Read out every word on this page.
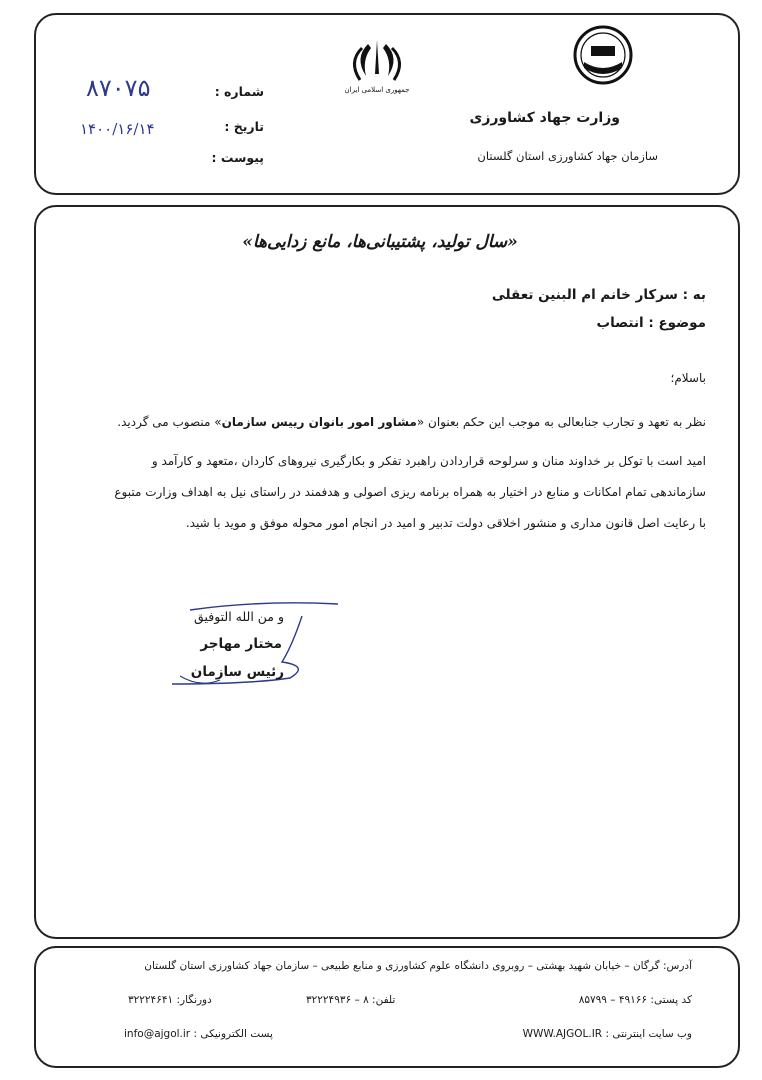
جمهوری اسلامی ایران
وزارت جهاد کشاورزی
سازمان جهاد کشاورزی استان گلستان
شماره :
تاریخ :
پیوست :
۸۷۰۷۵
۱۴۰۰/۱۶/۱۴
«سال تولید، پشتیبانی‌ها، مانع زدایی‌ها»
به : سرکار خانم ام البنین تعقلی
موضوع : انتصاب
باسلام؛
نظر به تعهد و تجارب جنابعالی به موجب این حکم بعنوان «مشاور امور بانوان رییس سازمان» منصوب می گردید.
امید است با توکل بر خداوند منان و سرلوحه قراردادن راهبرد تفکر و بکارگیری نیروهای کاردان ،متعهد و کارآمد و
سازماندهی تمام امکانات و منابع در اختیار به همراه برنامه ریزی اصولی و هدفمند در راستای نیل به اهداف وزارت متبوع
با رعایت اصل قانون مداری و منشور اخلاقی دولت تدبیر و امید در انجام امور محوله موفق و موید با شید.
و من الله التوفیق
مختار مهاجر
رئیس سازمان
آدرس: گرگان – خیابان شهید بهشتی – روبروی دانشگاه علوم کشاورزی و منابع طبیعی – سازمان جهاد کشاورزی استان گلستان
کد پستی: ۴۹۱۶۶ – ۸۵۷۹۹
تلفن: ۸ – ۳۲۲۲۴۹۳۶
دورنگار: ۳۲۲۲۴۶۴۱
وب سایت اینترنتی : WWW.AJGOL.IR
پست الکترونیکی : info@ajgol.ir
